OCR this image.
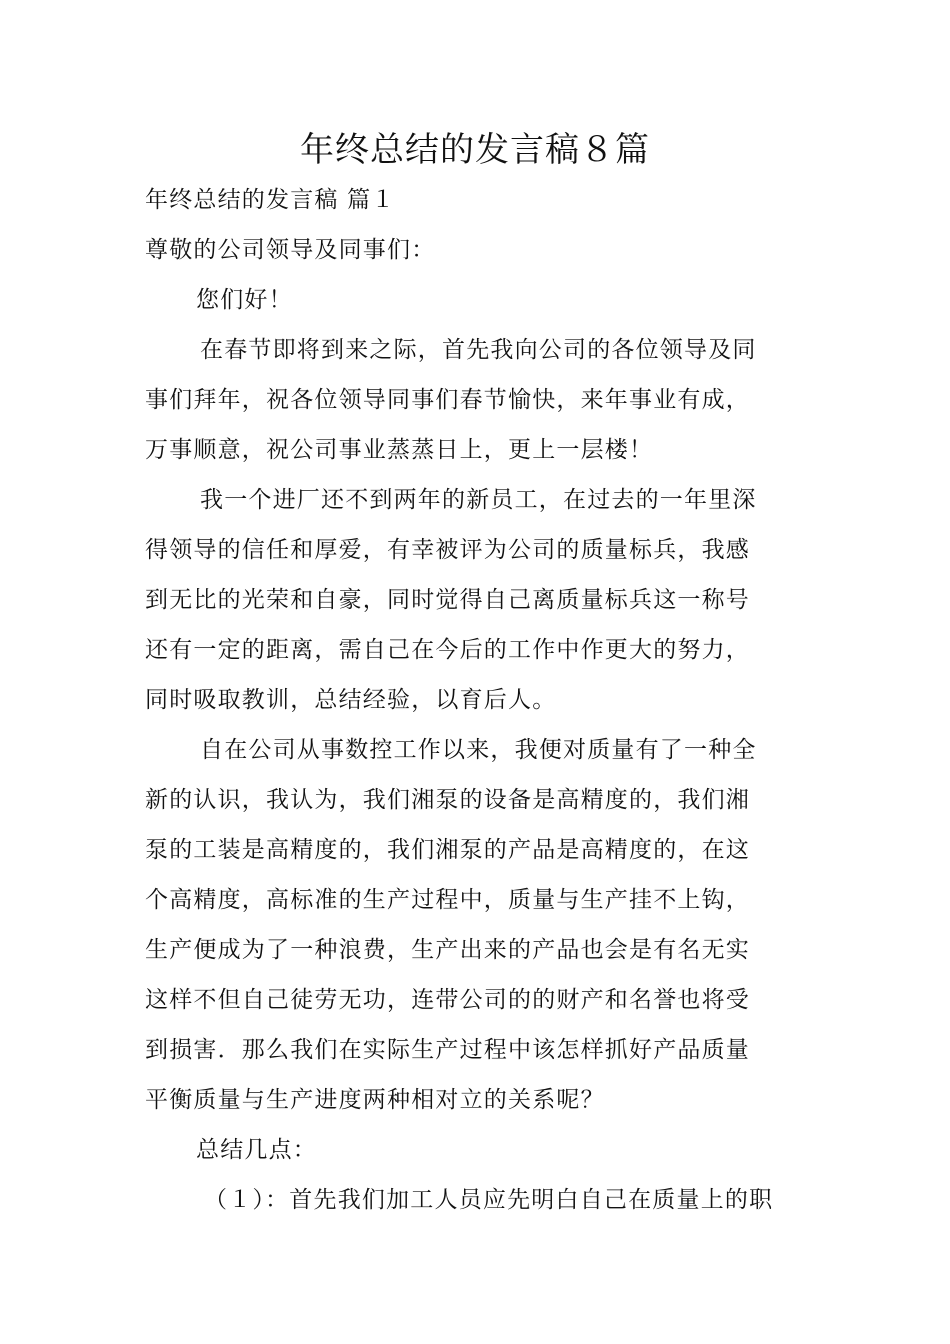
年终总结的发言稿８篇
年终总结的发言稿 篇１
尊敬的公司领导及同事们：
您们好！
在春节即将到来之际，首先我向公司的各位领导及同
事们拜年，祝各位领导同事们春节愉快，来年事业有成，
万事顺意，祝公司事业蒸蒸日上，更上一层楼！
我一个进厂还不到两年的新员工，在过去的一年里深
得领导的信任和厚爱，有幸被评为公司的质量标兵，我感
到无比的光荣和自豪，同时觉得自己离质量标兵这一称号
还有一定的距离，需自己在今后的工作中作更大的努力，
同时吸取教训，总结经验，以育后人。
自在公司从事数控工作以来，我便对质量有了一种全
新的认识，我认为，我们湘泵的设备是高精度的，我们湘
泵的工装是高精度的，我们湘泵的产品是高精度的，在这
个高精度，高标准的生产过程中，质量与生产挂不上钩，
生产便成为了一种浪费，生产出来的产品也会是有名无实
这样不但自己徒劳无功，连带公司的的财产和名誉也将受
到损害．那么我们在实际生产过程中该怎样抓好产品质量
平衡质量与生产进度两种相对立的关系呢？
总结几点：
（１）：首先我们加工人员应先明白自己在质量上的职
